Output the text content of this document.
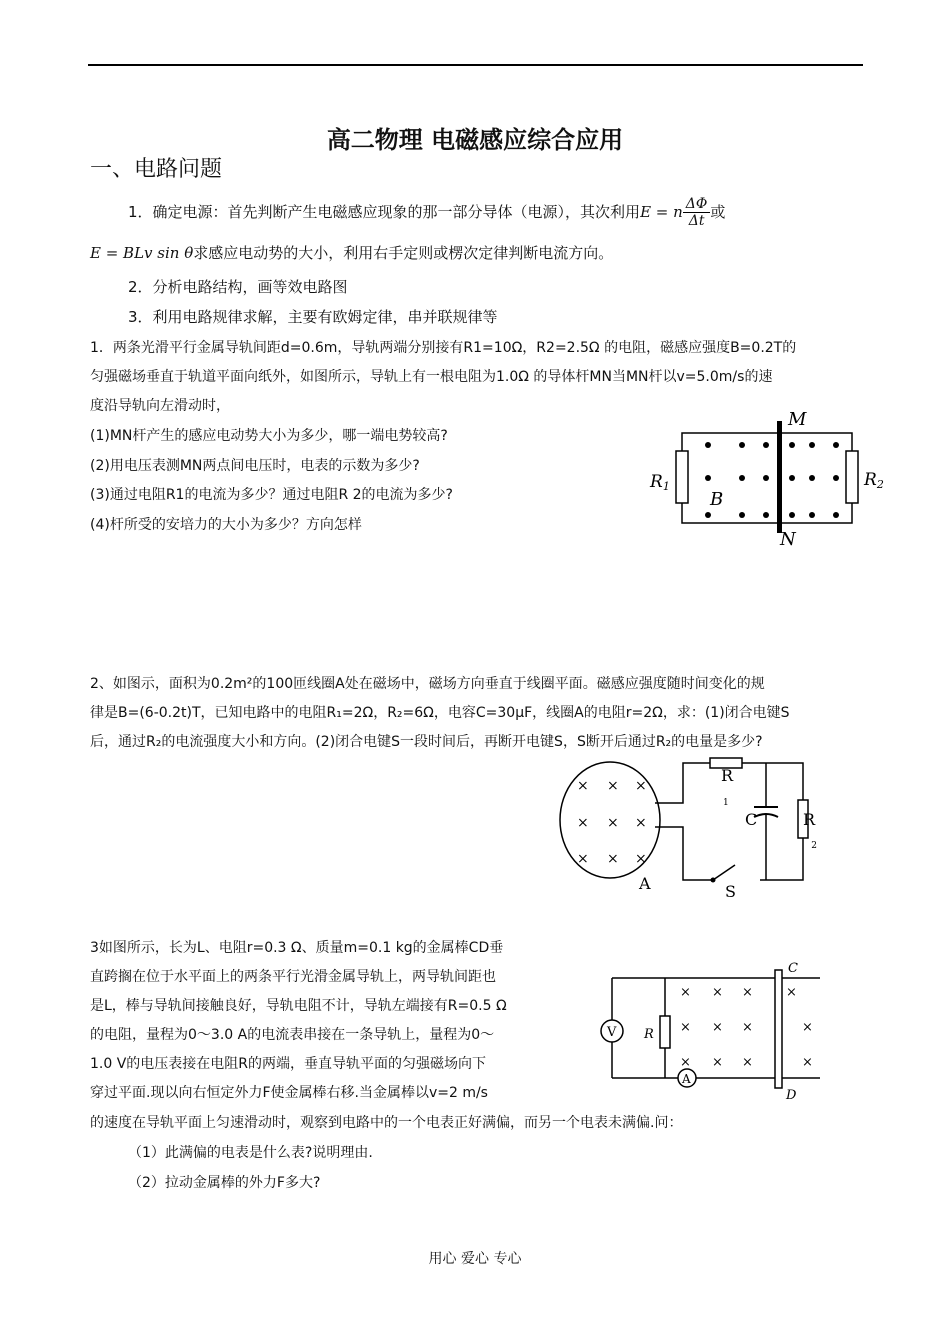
高二物理 电磁感应综合应用
一、电路问题
1．确定电源：首先判断产生电磁感应现象的那一部分导体（电源），其次利用E = n $\frac{\Delta\Phi}{\Delta t}$ 或
E = BLv sin θ求感应电动势的大小，利用右手定则或楞次定律判断电流方向。
2．分析电路结构，画等效电路图
3．利用电路规律求解，主要有欧姆定律，串并联规律等
1．两条光滑平行金属导轨间距d=0.6m，导轨两端分别接有R1=10Ω，R2=2.5Ω 的电阻，磁感应强度B=0.2T的
匀强磁场垂直于轨道平面向纸外，如图所示，导轨上有一根电阻为1.0Ω 的导体杆MN当MN杆以v=5.0m/s的速
度沿导轨向左滑动时，
(1)MN杆产生的感应电动势大小为多少，哪一端电势较高?
(2)用电压表测MN两点间电压时，电表的示数为多少?
(3)通过电阻R1的电流为多少？通过电阻R 2的电流为多少?
(4)杆所受的安培力的大小为多少？方向怎样
M
N
R1	R2
B
2、如图示，面积为0.2m²的100匝线圈A处在磁场中，磁场方向垂直于线圈平面。磁感应强度随时间变化的规
律是B=(6-0.2t)T，已知电路中的电阻R₁=2Ω，R₂=6Ω，电容C=30μF，线圈A的电阻r=2Ω，求：(1)闭合电键S
后，通过R₂的电流强度大小和方向。(2)闭合电键S一段时间后，再断开电键S，S断开后通过R₂的电量是多少?
× × ×
× × ×
× × ×
R
1
C	R
2
A	S
3如图所示，长为L、电阻r=0.3 Ω、质量m=0.1 kg的金属棒CD垂
直跨搁在位于水平面上的两条平行光滑金属导轨上，两导轨间距也
是L，棒与导轨间接触良好，导轨电阻不计，导轨左端接有R=0.5 Ω
的电阻，量程为0～3.0 A的电流表串接在一条导轨上，量程为0～
1.0 V的电压表接在电阻R的两端，垂直导轨平面的匀强磁场向下
穿过平面.现以向右恒定外力F使金属棒右移.当金属棒以v=2 m/s
的速度在导轨平面上匀速滑动时，观察到电路中的一个电表正好满偏，而另一个电表未满偏.问：
（1）此满偏的电表是什么表?说明理由.
（2）拉动金属棒的外力F多大?
V
A
× × ×	×
× × ×	×
× × ×	×
C
D
R
用心 爱心 专心
